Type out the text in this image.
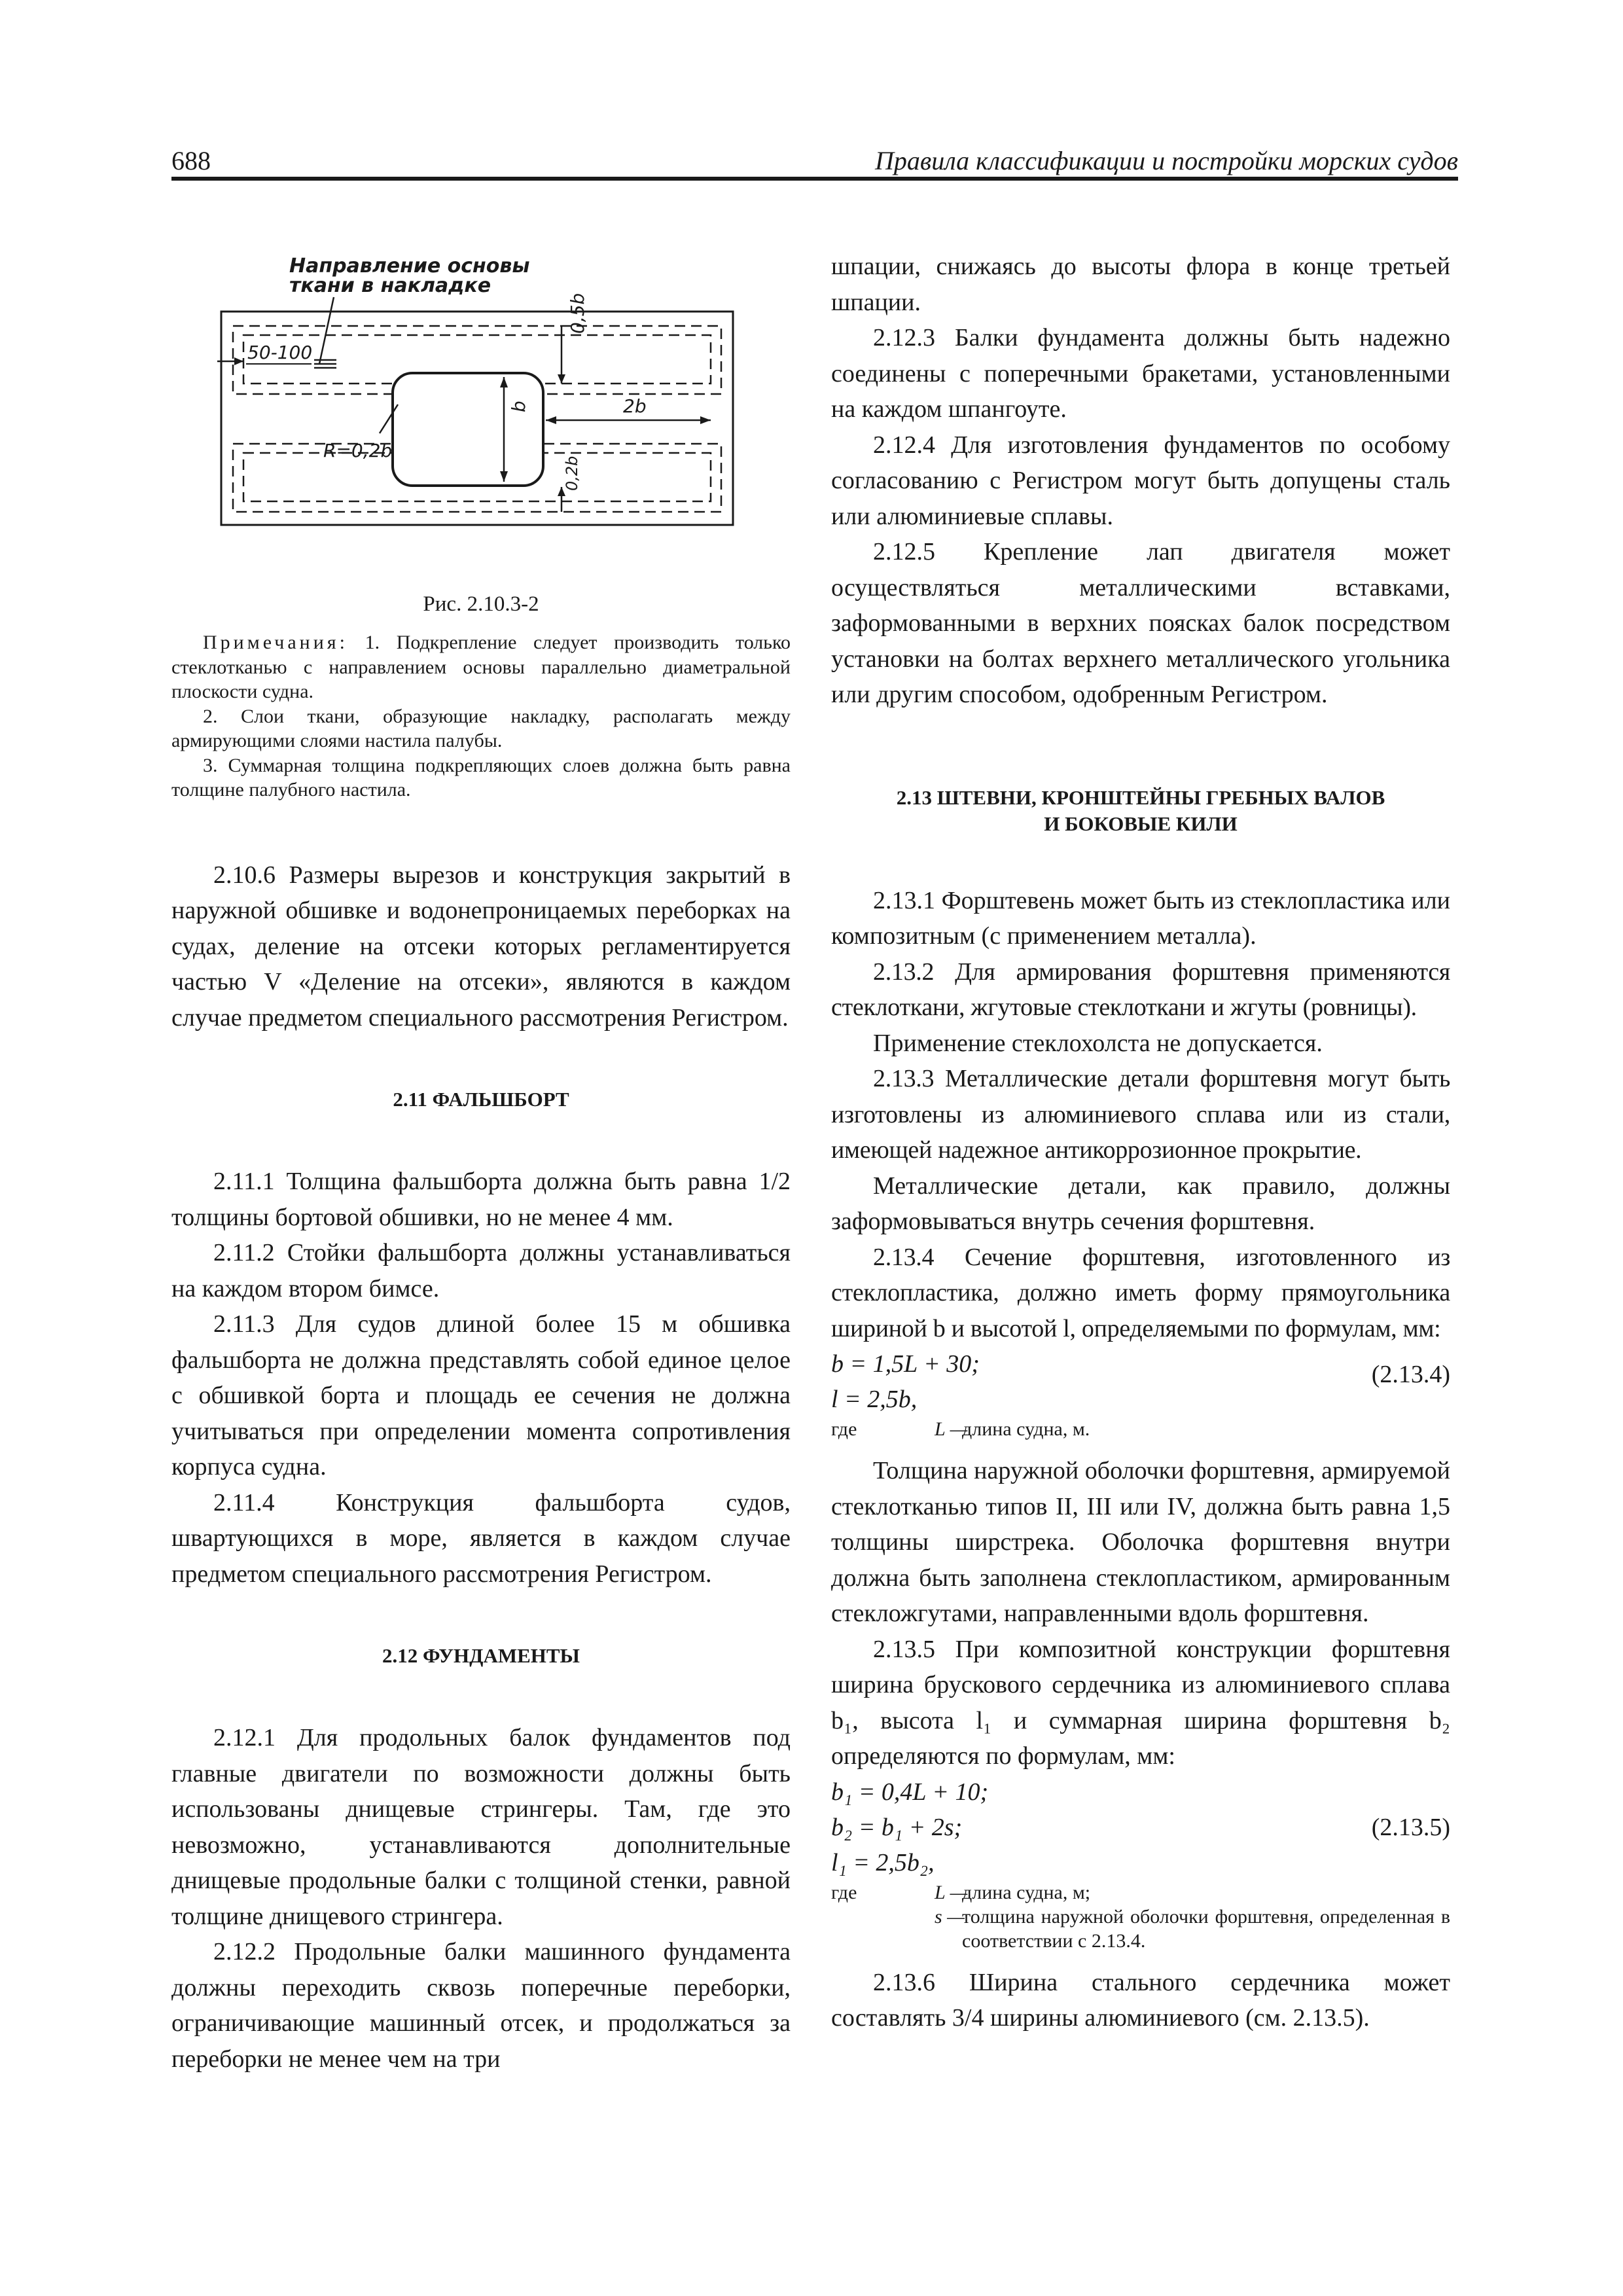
688	Правила классификации и постройки морских судов
Направление основы
ткани в накладке
50-100
0,5b
2b
b
R=0,2b
0,2b
Рис. 2.10.3-2

Примечания: 1. Подкрепление следует производить только стеклотканью с направлением основы параллельно диаметральной плоскости судна.

2. Слои ткани, образующие накладку, располагать между армирующими слоями настила палубы.

3. Суммарная толщина подкрепляющих слоев должна быть равна толщине палубного настила.

2.10.6 Размеры вырезов и конструкция закрытий в наружной обшивке и водонепроницаемых переборках на судах, деление на отсеки которых регламентируется частью V «Деление на отсеки», являются в каждом случае предметом специального рассмотрения Регистром.

2.11 ФАЛЬШБОРТ

2.11.1 Толщина фальшборта должна быть равна 1/2 толщины бортовой обшивки, но не менее 4 мм.

2.11.2 Стойки фальшборта должны устанавливаться на каждом втором бимсе.

2.11.3 Для судов длиной более 15 м обшивка фальшборта не должна представлять собой единое целое с обшивкой борта и площадь ее сечения не должна учитываться при определении момента сопротивления корпуса судна.

2.11.4 Конструкция фальшборта судов, швартующихся в море, является в каждом случае предметом специального рассмотрения Регистром.

2.12 ФУНДАМЕНТЫ

2.12.1 Для продольных балок фундаментов под главные двигатели по возможности должны быть использованы днищевые стрингеры. Там, где это невозможно, устанавливаются дополнительные днищевые продольные балки с толщиной стенки, равной толщине днищевого стрингера.

2.12.2 Продольные балки машинного фундамента должны переходить сквозь поперечные переборки, ограничивающие машинный отсек, и продолжаться за переборки не менее чем на три

шпации, снижаясь до высоты флора в конце третьей шпации.

2.12.3 Балки фундамента должны быть надежно соединены с поперечными бракетами, установленными на каждом шпангоуте.

2.12.4 Для изготовления фундаментов по особому согласованию с Регистром могут быть допущены сталь или алюминиевые сплавы.

2.12.5 Крепление лап двигателя может осуществляться металлическими вставками, заформованными в верхних поясках балок посредством установки на болтах верхнего металлического угольника или другим способом, одобренным Регистром.

2.13 ШТЕВНИ, КРОНШТЕЙНЫ ГРЕБНЫХ ВАЛОВ
И БОКОВЫЕ КИЛИ

2.13.1 Форштевень может быть из стеклопластика или композитным (с применением металла).

2.13.2 Для армирования форштевня применяются стеклоткани, жгутовые стеклоткани и жгуты (ровницы).

Применение стеклохолста не допускается.

2.13.3 Металлические детали форштевня могут быть изготовлены из алюминиевого сплава или из стали, имеющей надежное антикоррозионное прокрытие.

Металлические детали, как правило, должны заформовываться внутрь сечения форштевня.

2.13.4 Сечение форштевня, изготовленного из стеклопластика, должно иметь форму прямоугольника шириной b и высотой l, определяемыми по формулам, мм:

b = 1,5L + 30;
l = 2,5b,
(2.13.4)
где	L —
длина судна, м.

Толщина наружной оболочки форштевня, армируемой стеклотканью типов II, III или IV, должна быть равна 1,5 толщины ширстрека. Оболочка форштевня внутри должна быть заполнена стеклопластиком, армированным стекложгутами, направленными вдоль форштевня.

2.13.5 При композитной конструкции форштевня ширина брускового сердечника из алюминиевого сплава b₁, высота l₁ и суммарная ширина форштевня b₂ определяются по формулам, мм:

b₁ = 0,4L + 10;
b₂ = b₁ + 2s;	(2.13.5)
l₁ = 2,5b₂,
где	L —
длина судна, м;
s —
толщина наружной оболочки форштевня, определенная в соответствии с 2.13.4.

2.13.6 Ширина стального сердечника может составлять 3/4 ширины алюминиевого (см. 2.13.5).
